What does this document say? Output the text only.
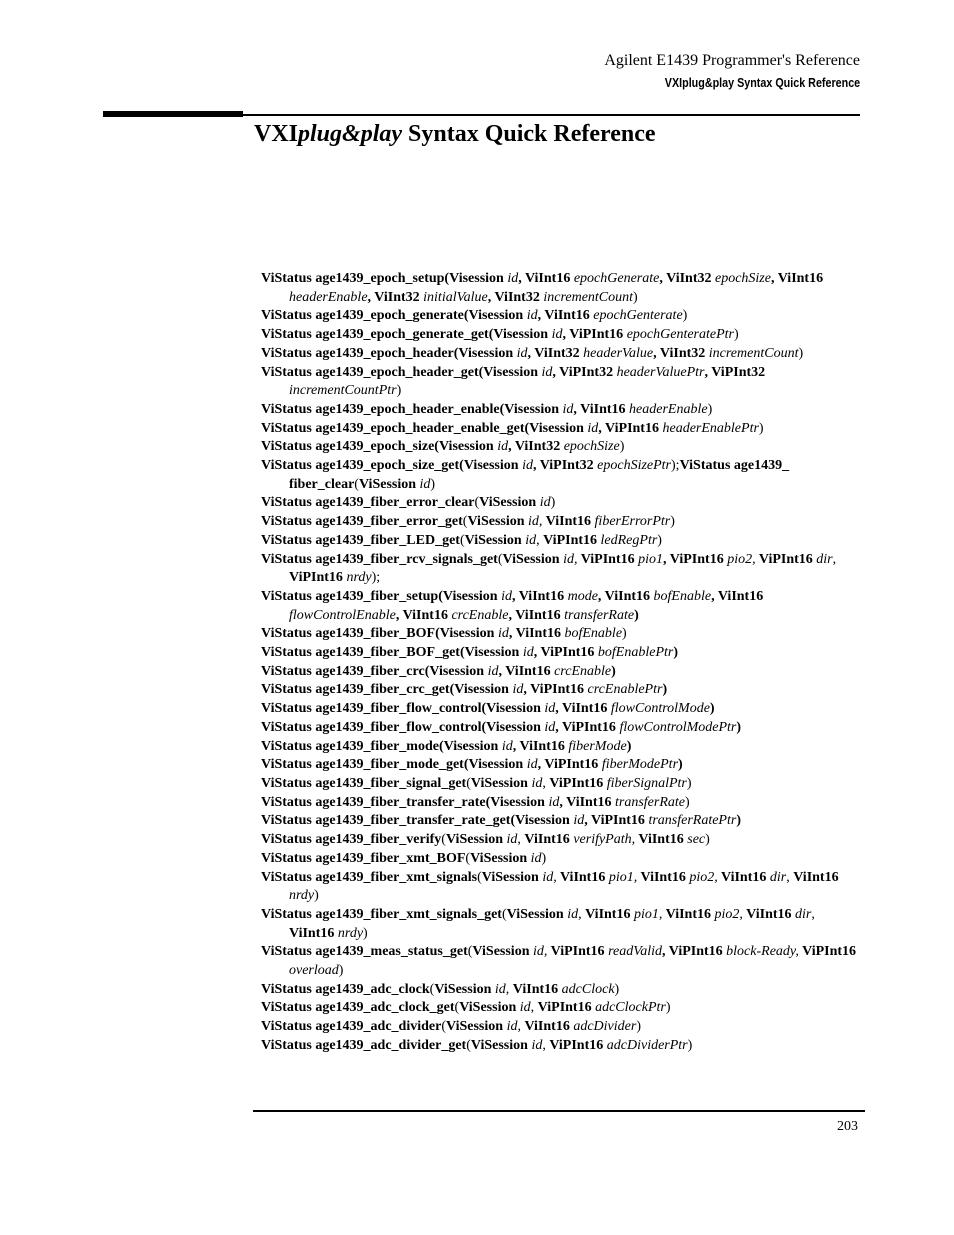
Agilent E1439 Programmer's Reference
VXIplug&play Syntax Quick Reference
VXIplug&play Syntax Quick Reference
ViStatus age1439_epoch_setup(Visession id, ViInt16 epochGenerate, ViInt32 epochSize, ViInt16 headerEnable, ViInt32 initialValue, ViInt32 incrementCount)
ViStatus age1439_epoch_generate(Visession id, ViInt16 epochGenterate)
ViStatus age1439_epoch_generate_get(Visession id, ViPInt16 epochGenteratePtr)
ViStatus age1439_epoch_header(Visession id, ViInt32 headerValue, ViInt32 incrementCount)
ViStatus age1439_epoch_header_get(Visession id, ViPInt32 headerValuePtr, ViPInt32 incrementCountPtr)
ViStatus age1439_epoch_header_enable(Visession id, ViInt16 headerEnable)
ViStatus age1439_epoch_header_enable_get(Visession id, ViPInt16 headerEnablePtr)
ViStatus age1439_epoch_size(Visession id, ViInt32 epochSize)
ViStatus age1439_epoch_size_get(Visession id, ViPInt32 epochSizePtr);ViStatus age1439_ fiber_clear(ViSession id)
ViStatus age1439_fiber_error_clear(ViSession id)
ViStatus age1439_fiber_error_get(ViSession id, ViInt16 fiberErrorPtr)
ViStatus age1439_fiber_LED_get(ViSession id, ViPInt16 ledRegPtr)
ViStatus age1439_fiber_rcv_signals_get(ViSession id, ViPInt16 pio1, ViPInt16 pio2, ViPInt16 dir, ViPInt16 nrdy);
ViStatus age1439_fiber_setup(Visession id, ViInt16 mode, ViInt16 bofEnable, ViInt16 flowControlEnable, ViInt16 crcEnable, ViInt16 transferRate)
ViStatus age1439_fiber_BOF(Visession id, ViInt16 bofEnable)
ViStatus age1439_fiber_BOF_get(Visession id, ViPInt16 bofEnablePtr)
ViStatus age1439_fiber_crc(Visession id, ViInt16 crcEnable)
ViStatus age1439_fiber_crc_get(Visession id, ViPInt16 crcEnablePtr)
ViStatus age1439_fiber_flow_control(Visession id, ViInt16 flowControlMode)
ViStatus age1439_fiber_flow_control(Visession id, ViPInt16 flowControlModePtr)
ViStatus age1439_fiber_mode(Visession id, ViInt16 fiberMode)
ViStatus age1439_fiber_mode_get(Visession id, ViPInt16 fiberModePtr)
ViStatus age1439_fiber_signal_get(ViSession id, ViPInt16 fiberSignalPtr)
ViStatus age1439_fiber_transfer_rate(Visession id, ViInt16 transferRate)
ViStatus age1439_fiber_transfer_rate_get(Visession id, ViPInt16 transferRatePtr)
ViStatus age1439_fiber_verify(ViSession id, ViInt16 verifyPath, ViInt16 sec)
ViStatus age1439_fiber_xmt_BOF(ViSession id)
ViStatus age1439_fiber_xmt_signals(ViSession id, ViInt16 pio1, ViInt16 pio2, ViInt16 dir, ViInt16 nrdy)
ViStatus age1439_fiber_xmt_signals_get(ViSession id, ViInt16 pio1, ViInt16 pio2, ViInt16 dir, ViInt16 nrdy)
ViStatus age1439_meas_status_get(ViSession id, ViPInt16 readValid, ViPInt16 block-Ready, ViPInt16 overload)
ViStatus age1439_adc_clock(ViSession id, ViInt16 adcClock)
ViStatus age1439_adc_clock_get(ViSession id, ViPInt16 adcClockPtr)
ViStatus age1439_adc_divider(ViSession id, ViInt16 adcDivider)
ViStatus age1439_adc_divider_get(ViSession id, ViPInt16 adcDividerPtr)
203
